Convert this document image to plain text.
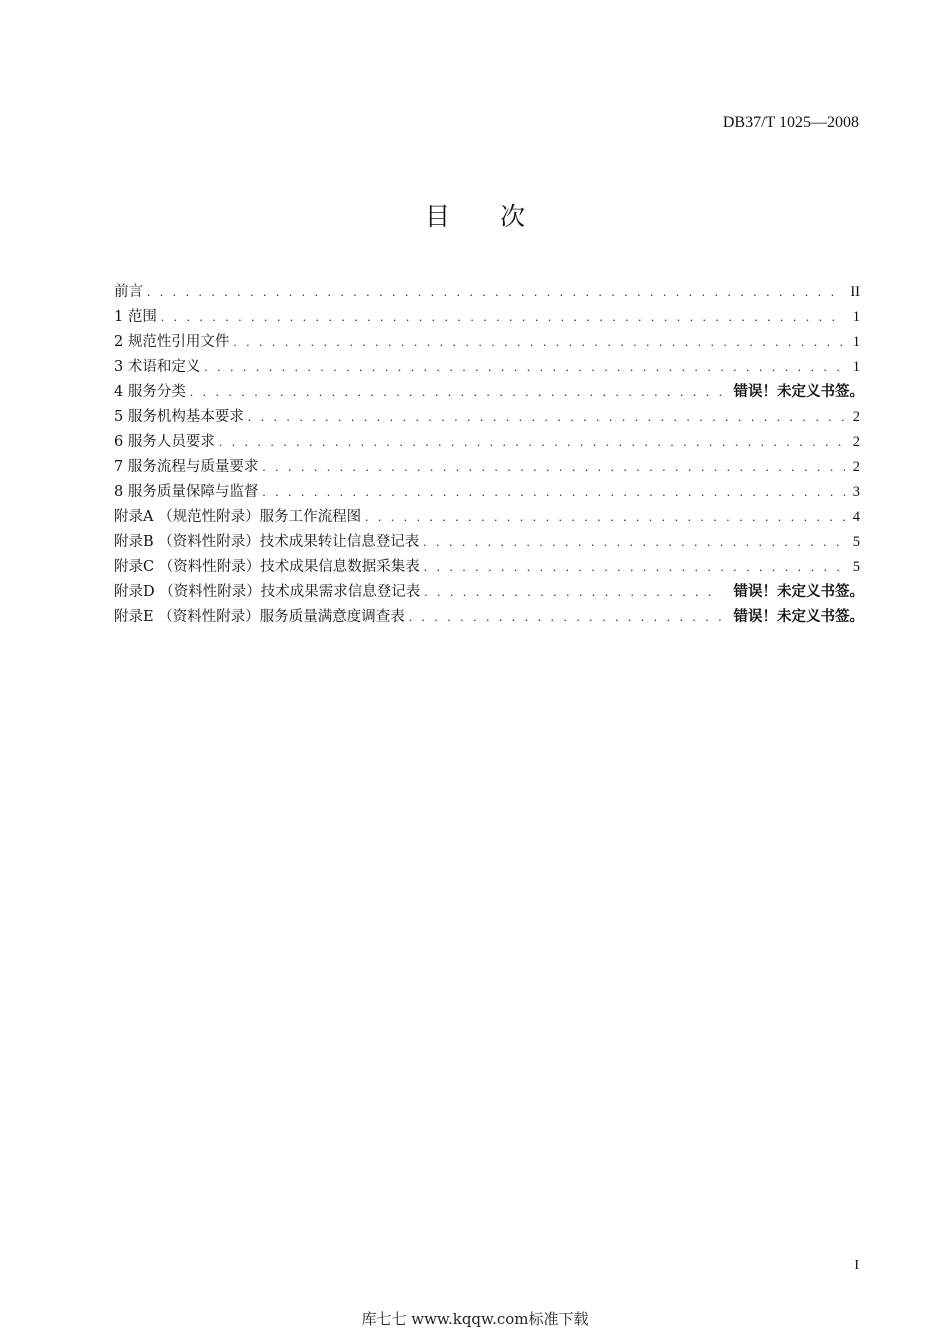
DB37/T 1025—2008
目 次
前言 . . .	II
1 范围 . . .	1
2 规范性引用文件 . . .	1
3 术语和定义 . . .	1
4 服务分类 . . .	错误！未定义书签。
5 服务机构基本要求 . . .	2
6 服务人员要求 . . .	2
7 服务流程与质量要求 . . .	2
8 服务质量保障与监督 . . .	3
附录A （规范性附录）服务工作流程图 . . .	4
附录B （资料性附录）技术成果转让信息登记表 . . .	5
附录C （资料性附录）技术成果信息数据采集表 . . .	5
附录D （资料性附录）技术成果需求信息登记表 . . .	错误！未定义书签。
附录E （资料性附录）服务质量满意度调查表 . . .	错误！未定义书签。
I
库七七 www.kqqw.com标准下载
